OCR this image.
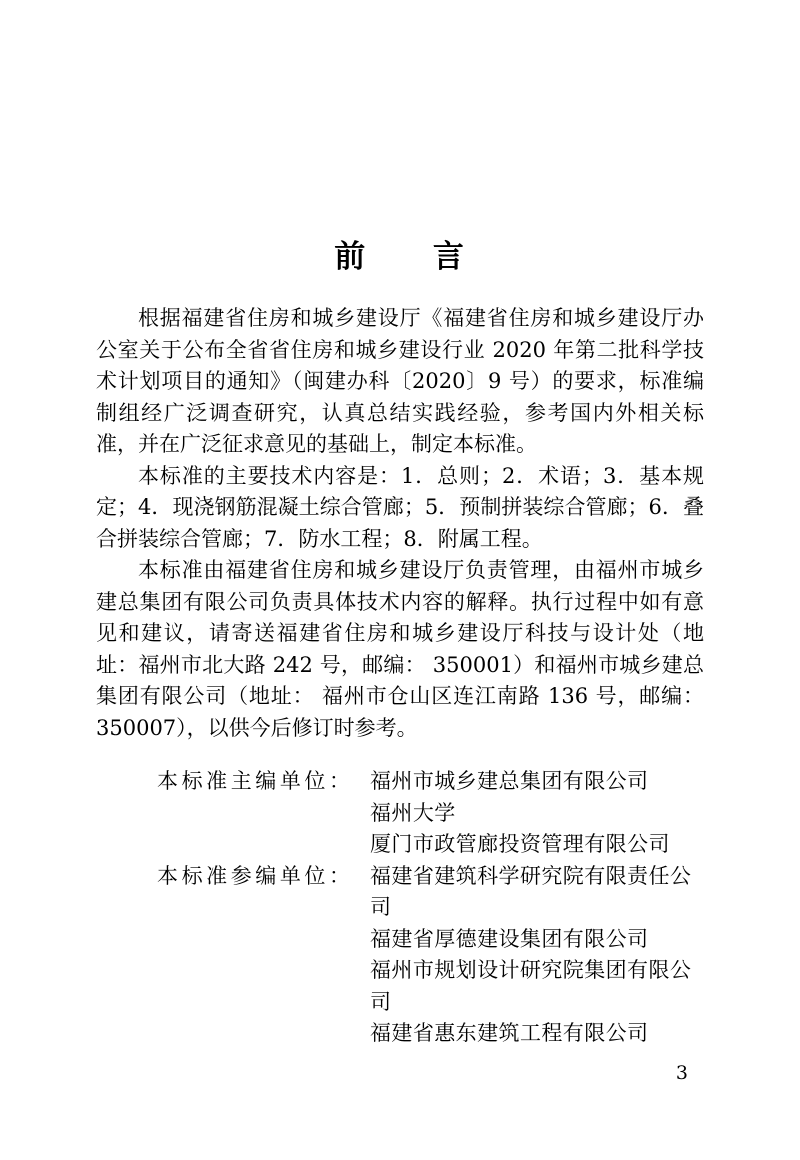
前　　言

根据福建省住房和城乡建设厅《福建省住房和城乡建设厅办公室关于公布全省省住房和城乡建设行业 2020 年第二批科学技术计划项目的通知》（闽建办科〔2020〕9 号）的要求，标准编制组经广泛调查研究，认真总结实践经验，参考国内外相关标准，并在广泛征求意见的基础上，制定本标准。

本标准的主要技术内容是：1．总则；2．术语；3．基本规定；4．现浇钢筋混凝土综合管廊；5．预制拼装综合管廊；6．叠合拼装综合管廊；7．防水工程；8．附属工程。

本标准由福建省住房和城乡建设厅负责管理，由福州市城乡建总集团有限公司负责具体技术内容的解释。执行过程中如有意见和建议，请寄送福建省住房和城乡建设厅科技与设计处（地址：福州市北大路 242 号，邮编： 350001）和福州市城乡建总集团有限公司（地址： 福州市仓山区连江南路 136 号，邮编： 350007），以供今后修订时参考。

本标准主编单位： 福州市城乡建总集团有限公司
福州大学
厦门市政管廊投资管理有限公司
本标准参编单位： 福建省建筑科学研究院有限责任公司
福建省厚德建设集团有限公司
福州市规划设计研究院集团有限公司
福建省惠东建筑工程有限公司
3
